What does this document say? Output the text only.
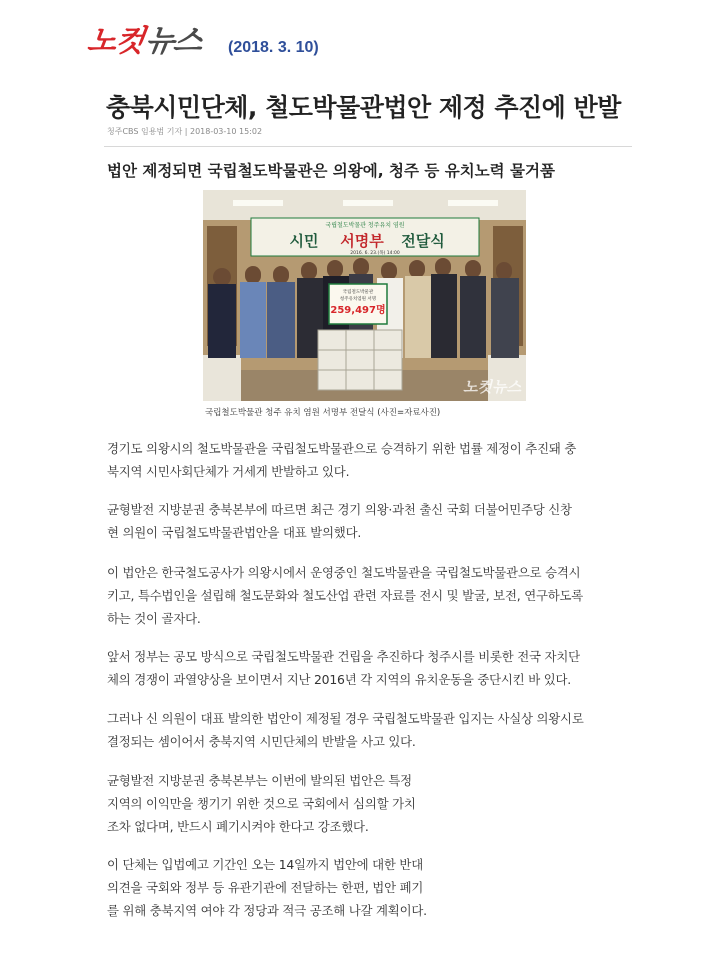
노컷
뉴스 (2018. 3. 10)
충북시민단체, 철도박물관법안 제정 추진에 반발
청주CBS 임용범 기자 | 2018-03-10 15:02
법안 제정되면 국립철도박물관은 의왕에, 청주 등 유치노력 물거품
국립철도박물관 청주유치 염원
시민 서명부 전달식
2016. 6. 23.(목) 14:00
국립철도박물관
청주유치염원 서명
259,497명
노컷뉴스
국립철도박물관 청주 유치 염원 서명부 전달식 (사진=자료사진)
경기도 의왕시의 철도박물관을 국립철도박물관으로 승격하기 위한 법률 제정이 추진돼 충
북지역 시민사회단체가 거세게 반발하고 있다.
균형발전 지방분권 충북본부에 따르면 최근 경기 의왕·과천 출신 국회 더불어민주당 신창
현 의원이 국립철도박물관법안을 대표 발의했다.
이 법안은 한국철도공사가 의왕시에서 운영중인 철도박물관을 국립철도박물관으로 승격시
키고, 특수법인을 설립해 철도문화와 철도산업 관련 자료를 전시 및 발굴, 보전, 연구하도록
하는 것이 골자다.
앞서 정부는 공모 방식으로 국립철도박물관 건립을 추진하다 청주시를 비롯한 전국 자치단
체의 경쟁이 과열양상을 보이면서 지난 2016년 각 지역의 유치운동을 중단시킨 바 있다.
그러나 신 의원이 대표 발의한 법안이 제정될 경우 국립철도박물관 입지는 사실상 의왕시로
결정되는 셈이어서 충북지역 시민단체의 반발을 사고 있다.
균형발전 지방분권 충북본부는 이번에 발의된 법안은 특정
지역의 이익만을 챙기기 위한 것으로 국회에서 심의할 가치
조차 없다며, 반드시 폐기시켜야 한다고 강조했다.
이 단체는 입법예고 기간인 오는 14일까지 법안에 대한 반대
의견을 국회와 정부 등 유관기관에 전달하는 한편, 법안 폐기
를 위해 충북지역 여야 각 정당과 적극 공조해 나갈 계획이다.
